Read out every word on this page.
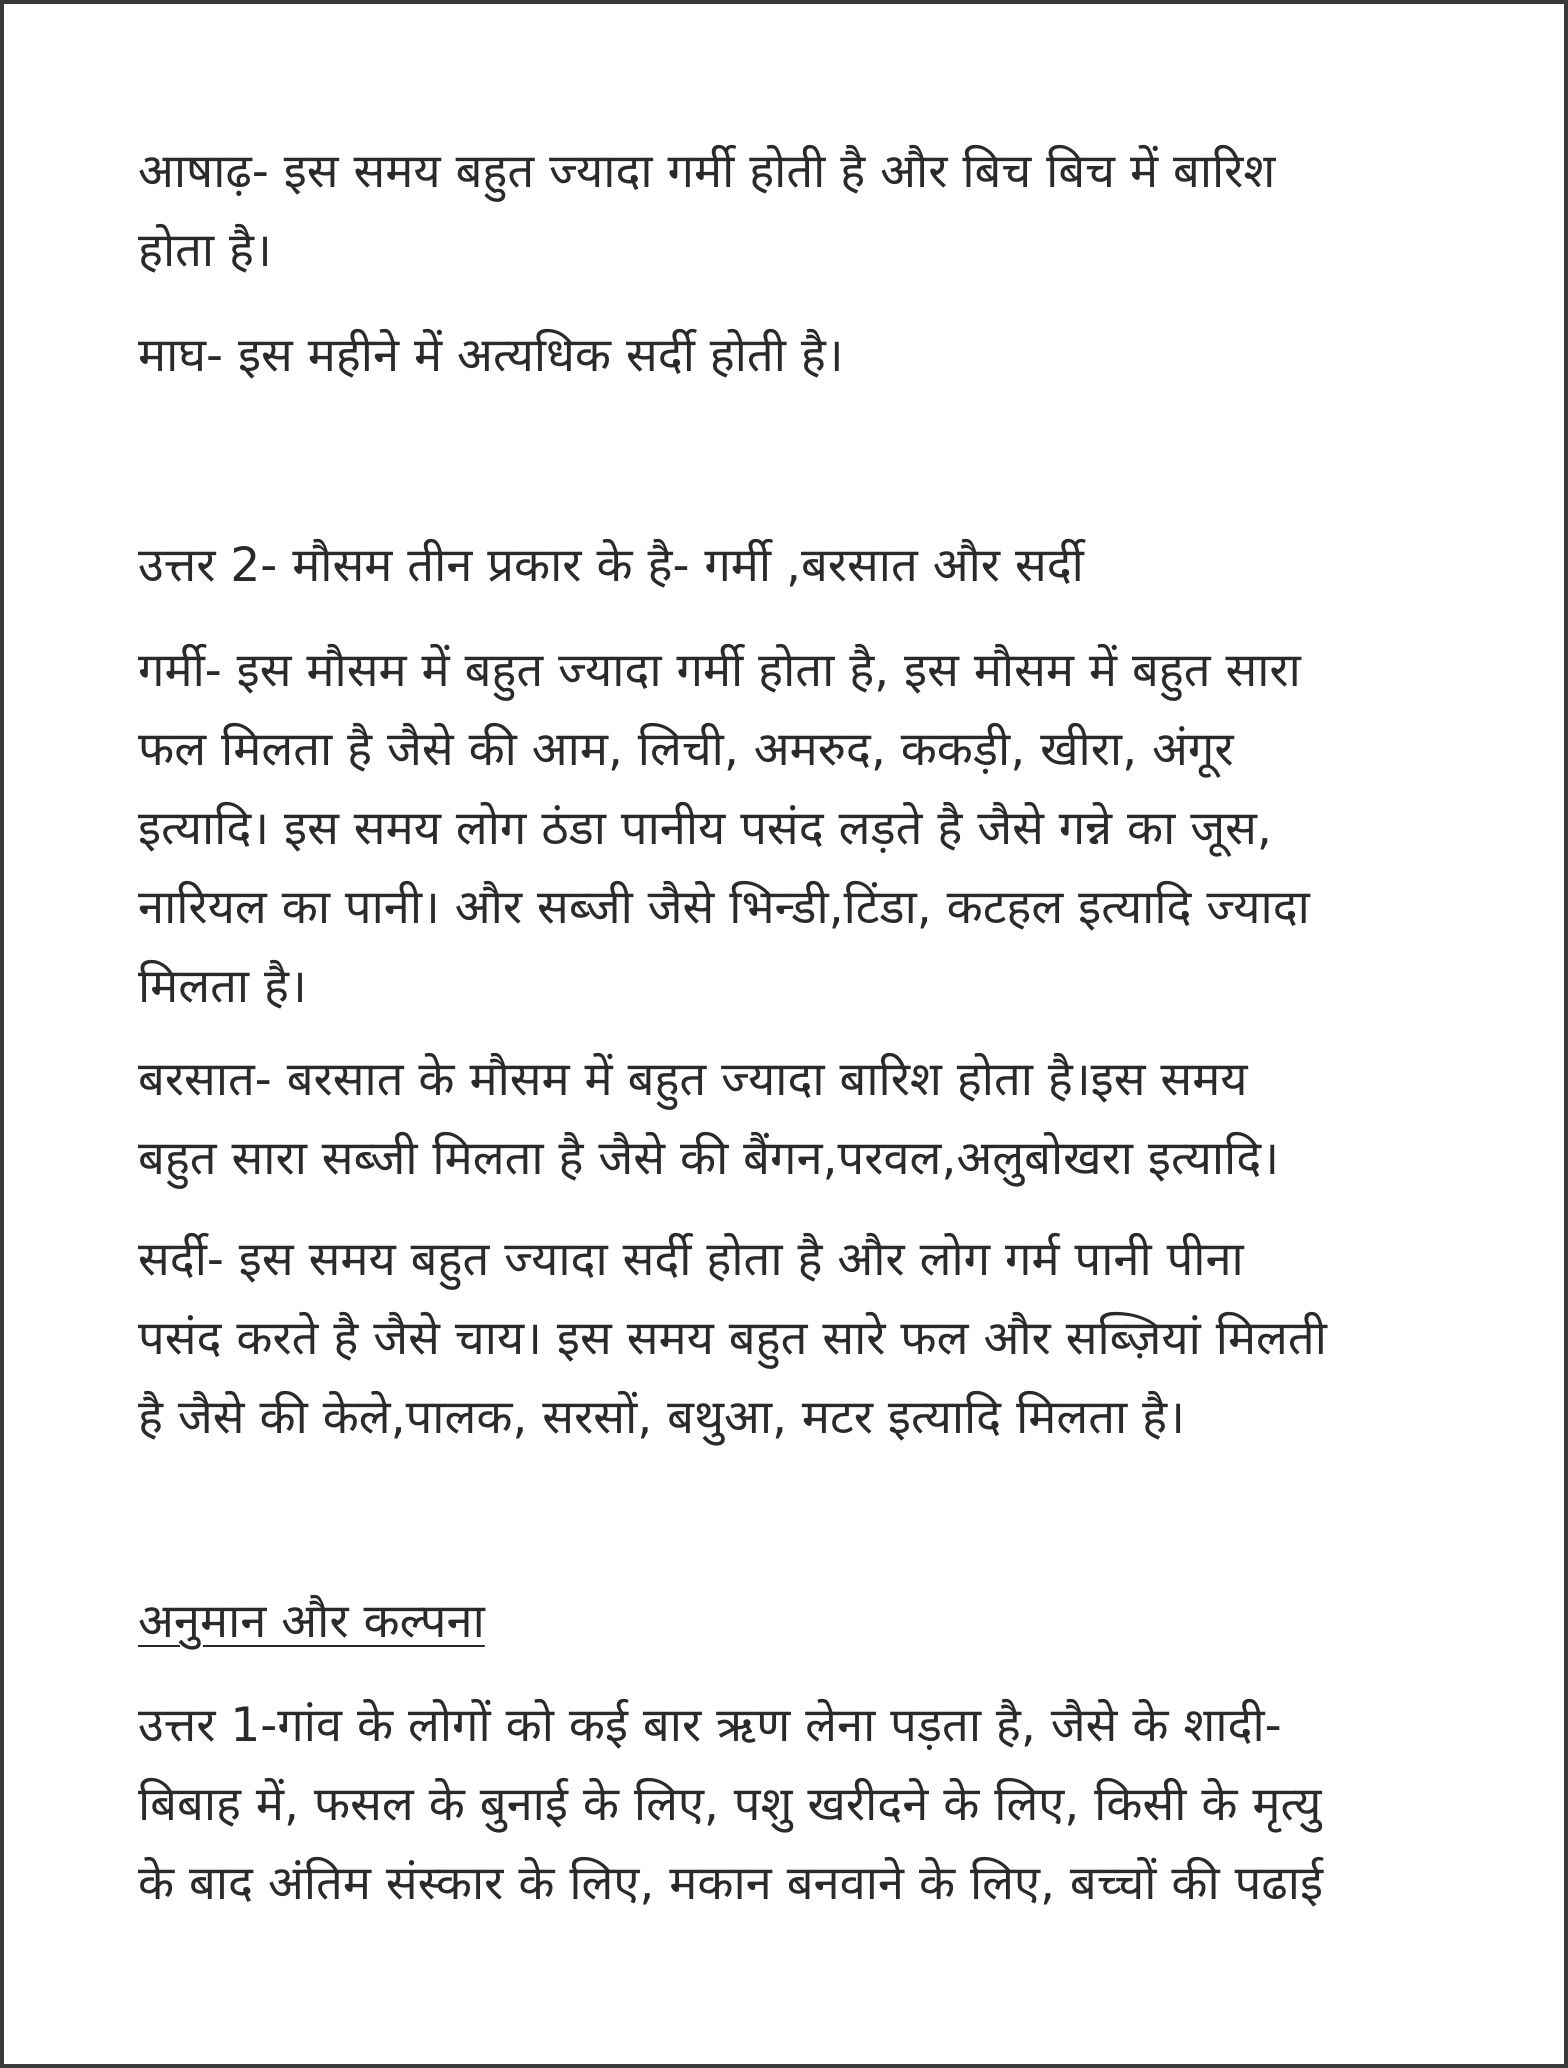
आषाढ़- इस समय बहुत ज्यादा गर्मी होती है और बिच बिच में बारिश
होता है।

माघ- इस महीने में अत्यधिक सर्दी होती है।

उत्तर 2- मौसम तीन प्रकार के है- गर्मी ,बरसात और सर्दी

गर्मी- इस मौसम में बहुत ज्यादा गर्मी होता है, इस मौसम में बहुत सारा
फल मिलता है जैसे की आम, लिची, अमरुद, ककड़ी, खीरा, अंगूर
इत्यादि। इस समय लोग ठंडा पानीय पसंद लड़ते है जैसे गन्ने का जूस,
नारियल का पानी। और सब्जी जैसे भिन्डी,टिंडा, कटहल इत्यादि ज्यादा
मिलता है।

बरसात- बरसात के मौसम में बहुत ज्यादा बारिश होता है।इस समय
बहुत सारा सब्जी मिलता है जैसे की बैंगन,परवल,अलुबोखरा इत्यादि।

सर्दी- इस समय बहुत ज्यादा सर्दी होता है और लोग गर्म पानी पीना
पसंद करते है जैसे चाय। इस समय बहुत सारे फल और सब्ज़ियां मिलती
है जैसे की केले,पालक, सरसों, बथुआ, मटर इत्यादि मिलता है।

अनुमान और कल्पना

उत्तर 1-गांव के लोगों को कई बार ऋण लेना पड़ता है, जैसे के शादी-
बिबाह में, फसल के बुनाई के लिए, पशु खरीदने के लिए, किसी के मृत्यु
के बाद अंतिम संस्कार के लिए, मकान बनवाने के लिए, बच्चों की पढाई
